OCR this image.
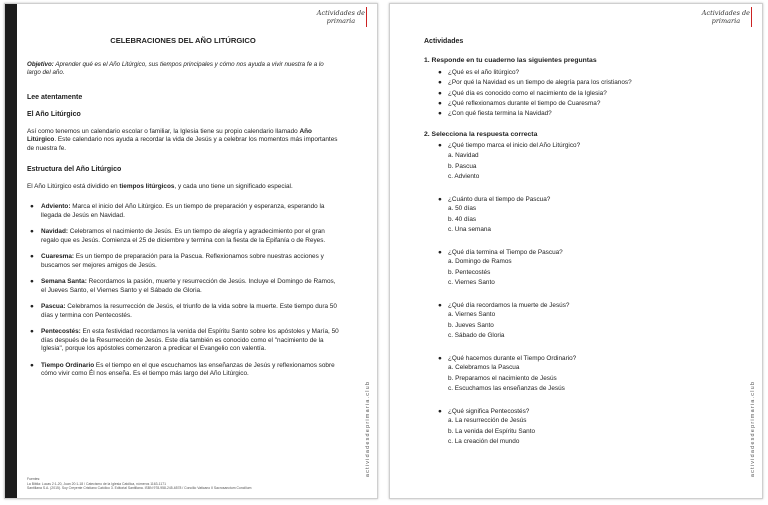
Actividades de
primaria
actividadesdeprimaria.club
CELEBRACIONES DEL AÑO LITÚRGICO
Objetivo: Aprender qué es el Año Litúrgico, sus tiempos principales y cómo nos ayuda a vivir nuestra fe a lo largo del año.
Lee atentamente
El Año Litúrgico
Así como tenemos un calendario escolar o familiar, la Iglesia tiene su propio calendario llamado Año Litúrgico. Este calendario nos ayuda a recordar la vida de Jesús y a celebrar los momentos más importantes de nuestra fe.
Estructura del Año Litúrgico
El Año Litúrgico está dividido en tiempos litúrgicos, y cada uno tiene un significado especial.
● Adviento: Marca el inicio del Año Litúrgico. Es un tiempo de preparación y esperanza, esperando la llegada de Jesús en Navidad.
● Navidad: Celebramos el nacimiento de Jesús. Es un tiempo de alegría y agradecimiento por el gran regalo que es Jesús. Comienza el 25 de diciembre y termina con la fiesta de la Epifanía o de Reyes.
● Cuaresma: Es un tiempo de preparación para la Pascua. Reflexionamos sobre nuestras acciones y buscamos ser mejores amigos de Jesús.
● Semana Santa: Recordamos la pasión, muerte y resurrección de Jesús. Incluye el Domingo de Ramos, el Jueves Santo, el Viernes Santo y el Sábado de Gloria.
● Pascua: Celebramos la resurrección de Jesús, el triunfo de la vida sobre la muerte. Este tiempo dura 50 días y termina con Pentecostés.
● Pentecostés: En esta festividad recordamos la venida del Espíritu Santo sobre los apóstoles y María, 50 días después de la Resurrección de Jesús. Este día también es conocido como el "nacimiento de la Iglesia", porque los apóstoles comenzaron a predicar el Evangelio con valentía.
● Tiempo Ordinario Es el tiempo en el que escuchamos las enseñanzas de Jesús y reflexionamos sobre cómo vivir como Él nos enseña. Es el tiempo más largo del Año Litúrgico.
Fuentes:
La Biblia: Lucas 2:1-20, Juan 20:1-18 / Catecismo de la Iglesia Católica, números 1163-1171
Santillana S.A. (2015). Soy Creyente Cristiano Católico 3. Editorial Santillana. ISBN 978-958-245-6578 / Concilio Vaticano II Sacrosanctum Concilium
Actividades de
primaria
actividadesdeprimaria.club
Actividades
1. Responde en tu cuaderno las siguientes preguntas
● ¿Qué es el año litúrgico?
● ¿Por qué la Navidad es un tiempo de alegría para los cristianos?
● ¿Qué día es conocido como el nacimiento de la Iglesia?
● ¿Qué reflexionamos durante el tiempo de Cuaresma?
● ¿Con qué fiesta termina la Navidad?
2. Selecciona la respuesta correcta
● ¿Qué tiempo marca el inicio del Año Litúrgico?
a. Navidad
b. Pascua
c. Adviento
● ¿Cuánto dura el tiempo de Pascua?
a. 50 días
b. 40 días
c. Una semana
● ¿Qué día termina el Tiempo de Pascua?
a. Domingo de Ramos
b. Pentecostés
c. Viernes Santo
● ¿Qué día recordamos la muerte de Jesús?
a. Viernes Santo
b. Jueves Santo
c. Sábado de Gloria
● ¿Qué hacemos durante el Tiempo Ordinario?
a. Celebramos la Pascua
b. Preparamos el nacimiento de Jesús
c. Escuchamos las enseñanzas de Jesús
● ¿Qué significa Pentecostés?
a. La resurrección de Jesús
b. La venida del Espíritu Santo
c. La creación del mundo
